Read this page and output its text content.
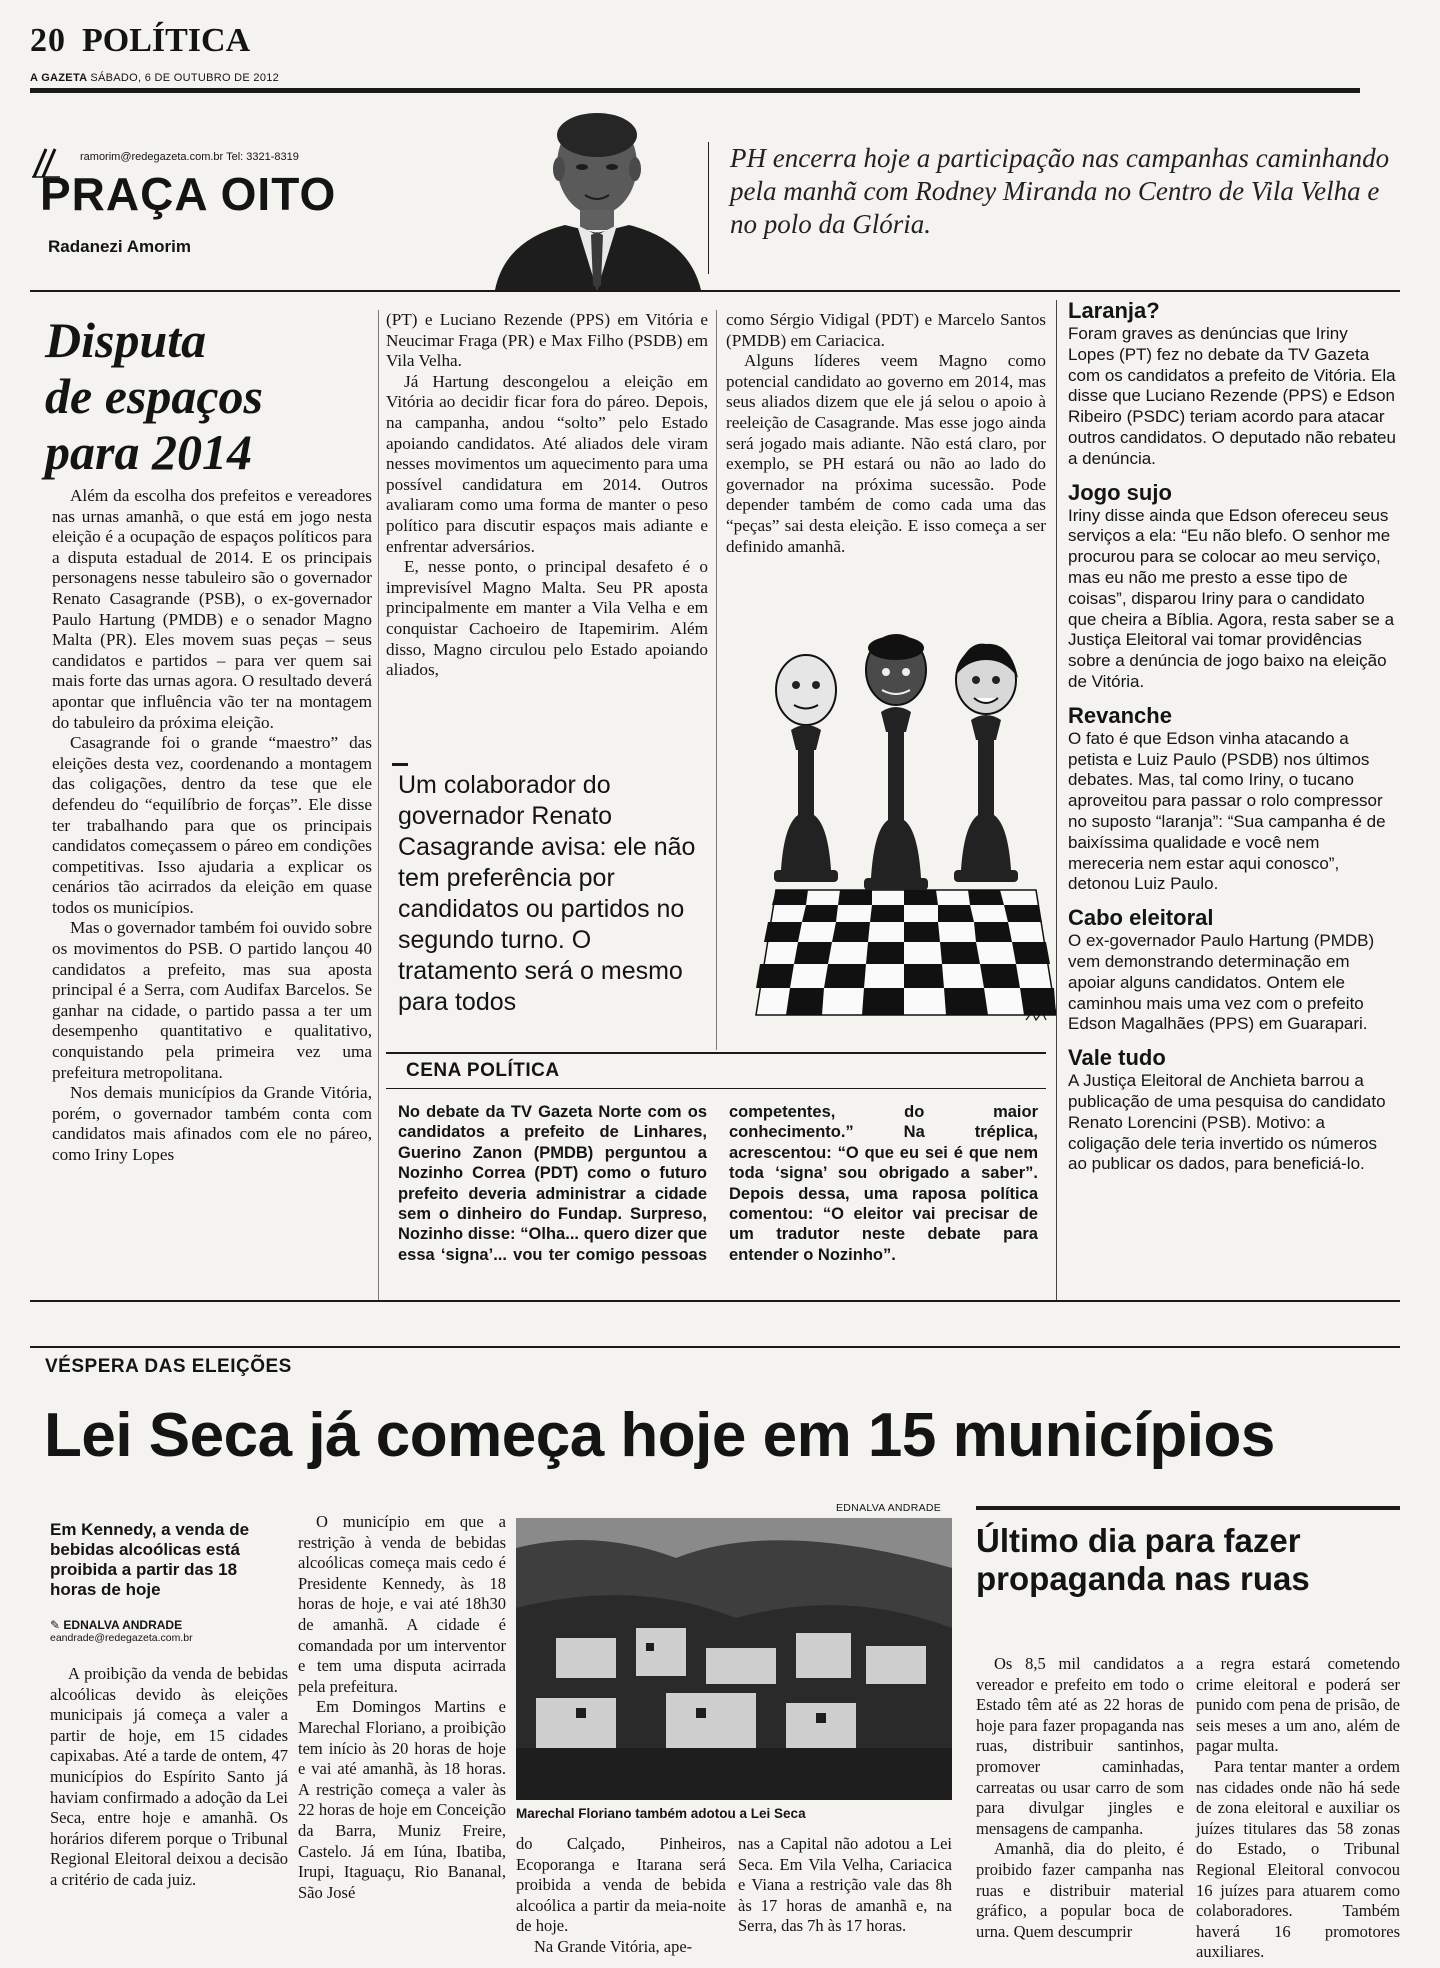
20 POLÍTICA
A GAZETA SÁBADO, 6 DE OUTUBRO DE 2012
ramorim@redegazeta.com.br Tel: 3321-8319
PRAÇA OITO
Radanezi Amorim
PH encerra hoje a participação nas campanhas caminhando pela manhã com Rodney Miranda no Centro de Vila Velha e no polo da Glória.
Disputa
de espaços
para 2014

Além da escolha dos prefeitos e vereadores nas urnas amanhã, o que está em jogo nesta eleição é a ocupação de espaços políticos para a disputa estadual de 2014. E os principais personagens nesse tabuleiro são o governador Renato Casagrande (PSB), o ex-governador Paulo Hartung (PMDB) e o senador Magno Malta (PR). Eles movem suas peças – seus candidatos e partidos – para ver quem sai mais forte das urnas agora. O resultado deverá apontar que influência vão ter na montagem do tabuleiro da próxima eleição.

Casagrande foi o grande “maestro” das eleições desta vez, coordenando a montagem das coligações, dentro da tese que ele defendeu do “equilíbrio de forças”. Ele disse ter trabalhando para que os principais candidatos começassem o páreo em condições competitivas. Isso ajudaria a explicar os cenários tão acirrados da eleição em quase todos os municípios.

Mas o governador também foi ouvido sobre os movimentos do PSB. O partido lançou 40 candidatos a prefeito, mas sua aposta principal é a Serra, com Audifax Barcelos. Se ganhar na cidade, o partido passa a ter um desempenho quantitativo e qualitativo, conquistando pela primeira vez uma prefeitura metropolitana.

Nos demais municípios da Grande Vitória, porém, o governador também conta com candidatos mais afinados com ele no páreo, como Iriny Lopes

(PT) e Luciano Rezende (PPS) em Vitória e Neucimar Fraga (PR) e Max Filho (PSDB) em Vila Velha.

Já Hartung descongelou a eleição em Vitória ao decidir ficar fora do páreo. Depois, na campanha, andou “solto” pelo Estado apoiando candidatos. Até aliados dele viram nesses movimentos um aquecimento para uma possível candidatura em 2014. Outros avaliaram como uma forma de manter o peso político para discutir espaços mais adiante e enfrentar adversários.

E, nesse ponto, o principal desafeto é o imprevisível Magno Malta. Seu PR aposta principalmente em manter a Vila Velha e em conquistar Cachoeiro de Itapemirim. Além disso, Magno circulou pelo Estado apoiando aliados,

Um colaborador do governador Renato Casagrande avisa: ele não tem preferência por candidatos ou partidos no segundo turno. O tratamento será o mesmo para todos

como Sérgio Vidigal (PDT) e Marcelo Santos (PMDB) em Cariacica.

Alguns líderes veem Magno como potencial candidato ao governo em 2014, mas seus aliados dizem que ele já selou o apoio à reeleição de Casagrande. Mas esse jogo ainda será jogado mais adiante. Não está claro, por exemplo, se PH estará ou não ao lado do governador na próxima sucessão. Pode depender também de como cada uma das “peças” sai desta eleição. E isso começa a ser definido amanhã.

CENA POLÍTICA
No debate da TV Gazeta Norte com os candidatos a prefeito de Linhares, Guerino Zanon (PMDB) perguntou a Nozinho Correa (PDT) como o futuro prefeito deveria administrar a cidade sem o dinheiro do Fundap. Surpreso, Nozinho disse: “Olha... quero dizer que essa ‘signa’... vou ter comigo pessoas competentes, do maior conhecimento.” Na tréplica, acrescentou: “O que eu sei é que nem toda ‘signa’ sou obrigado a saber”. Depois dessa, uma raposa política comentou: “O eleitor vai precisar de um tradutor neste debate para entender o Nozinho”.
Laranja?
Foram graves as denúncias que Iriny Lopes (PT) fez no debate da TV Gazeta com os candidatos a prefeito de Vitória. Ela disse que Luciano Rezende (PPS) e Edson Ribeiro (PSDC) teriam acordo para atacar outros candidatos. O deputado não rebateu a denúncia.
Jogo sujo
Iriny disse ainda que Edson ofereceu seus serviços a ela: “Eu não blefo. O senhor me procurou para se colocar ao meu serviço, mas eu não me presto a esse tipo de coisas”, disparou Iriny para o candidato que cheira a Bíblia. Agora, resta saber se a Justiça Eleitoral vai tomar providências sobre a denúncia de jogo baixo na eleição de Vitória.
Revanche
O fato é que Edson vinha atacando a petista e Luiz Paulo (PSDB) nos últimos debates. Mas, tal como Iriny, o tucano aproveitou para passar o rolo compressor no suposto “laranja”: “Sua campanha é de baixíssima qualidade e você nem mereceria nem estar aqui conosco”, detonou Luiz Paulo.
Cabo eleitoral
O ex-governador Paulo Hartung (PMDB) vem demonstrando determinação em apoiar alguns candidatos. Ontem ele caminhou mais uma vez com o prefeito Edson Magalhães (PPS) em Guarapari.
Vale tudo
A Justiça Eleitoral de Anchieta barrou a publicação de uma pesquisa do candidato Renato Lorencini (PSB). Motivo: a coligação dele teria invertido os números ao publicar os dados, para beneficiá-lo.
VÉSPERA DAS ELEIÇÕES
Lei Seca já começa hoje em 15 municípios
Em Kennedy, a venda de bebidas alcoólicas está proibida a partir das 18 horas de hoje
✎ EDNALVA ANDRADE
eandrade@redegazeta.com.br

A proibição da venda de bebidas alcoólicas devido às eleições municipais já começa a valer a partir de hoje, em 15 cidades capixabas. Até a tarde de ontem, 47 municípios do Espírito Santo já haviam confirmado a adoção da Lei Seca, entre hoje e amanhã. Os horários diferem porque o Tribunal Regional Eleitoral deixou a decisão a critério de cada juiz.

O município em que a restrição à venda de bebidas alcoólicas começa mais cedo é Presidente Kennedy, às 18 horas de hoje, e vai até 18h30 de amanhã. A cidade é comandada por um interventor e tem uma disputa acirrada pela prefeitura.

Em Domingos Martins e Marechal Floriano, a proibição tem início às 20 horas de hoje e vai até amanhã, às 18 horas. A restrição começa a valer às 22 horas de hoje em Conceição da Barra, Muniz Freire, Castelo. Já em Iúna, Ibatiba, Irupi, Itaguaçu, Rio Bananal, São José

EDNALVA ANDRADE
Marechal Floriano também adotou a Lei Seca

do Calçado, Pinheiros, Ecoporanga e Itarana será proibida a venda de bebida alcoólica a partir da meia-noite de hoje.

Na Grande Vitória, ape-

nas a Capital não adotou a Lei Seca. Em Vila Velha, Cariacica e Viana a restrição vale das 8h às 17 horas de amanhã e, na Serra, das 7h às 17 horas.

Último dia para fazer propaganda nas ruas

Os 8,5 mil candidatos a vereador e prefeito em todo o Estado têm até as 22 horas de hoje para fazer propaganda nas ruas, distribuir santinhos, promover caminhadas, carreatas ou usar carro de som para divulgar jingles e mensagens de campanha.

Amanhã, dia do pleito, é proibido fazer campanha nas ruas e distribuir material gráfico, a popular boca de urna. Quem descumprir

a regra estará cometendo crime eleitoral e poderá ser punido com pena de prisão, de seis meses a um ano, além de pagar multa.

Para tentar manter a ordem nas cidades onde não há sede de zona eleitoral e auxiliar os juízes titulares das 58 zonas do Estado, o Tribunal Regional Eleitoral convocou 16 juízes para atuarem como colaboradores. Também haverá 16 promotores auxiliares.
